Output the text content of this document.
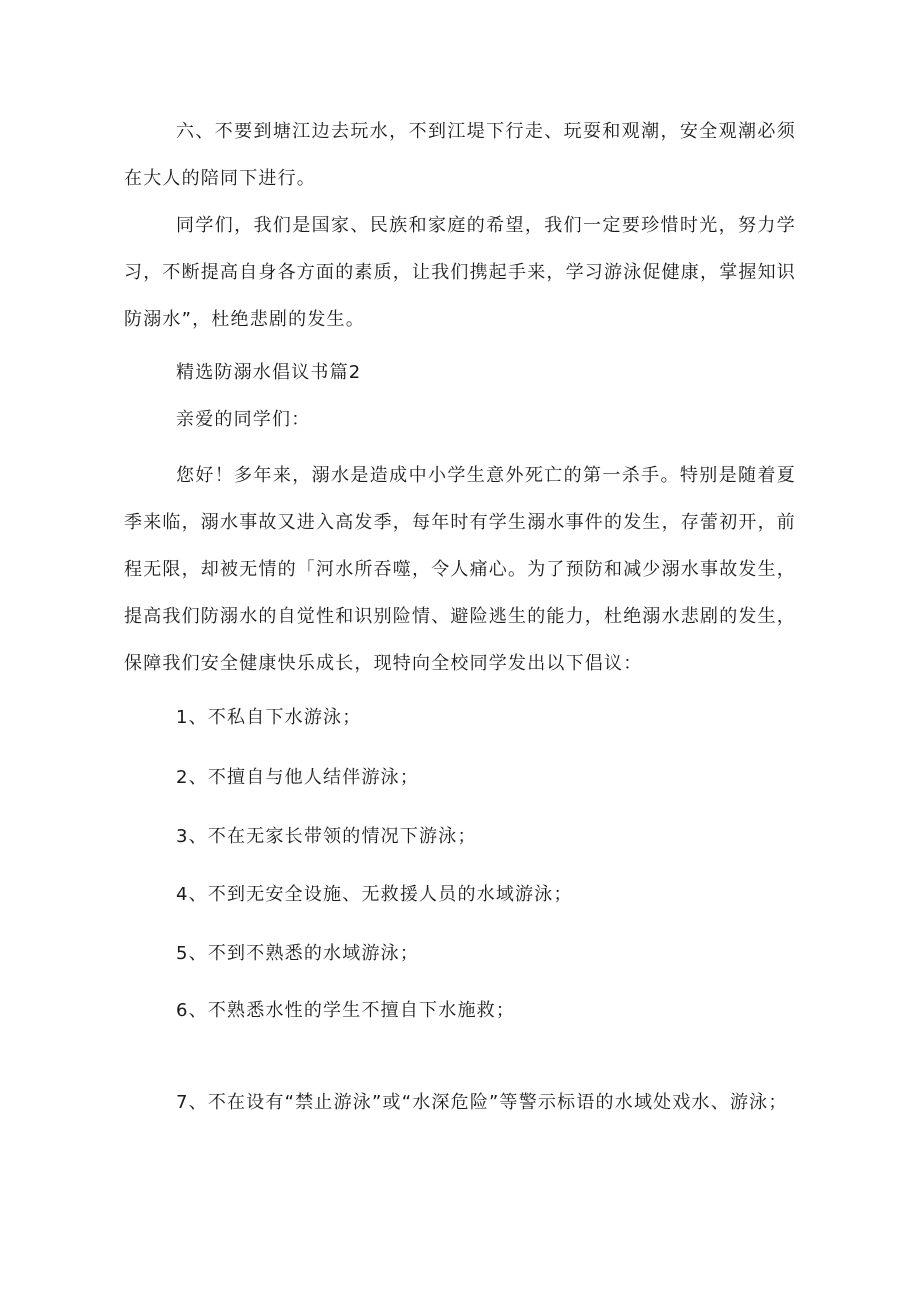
六、不要到塘江边去玩水，不到江堤下行走、玩耍和观潮，安全观潮必须在大人的陪同下进行。

同学们，我们是国家、民族和家庭的希望，我们一定要珍惜时光，努力学习，不断提高自身各方面的素质，让我们携起手来，学习游泳促健康，掌握知识防溺水”，杜绝悲剧的发生。

精选防溺水倡议书篇2

亲爱的同学们：

您好！多年来，溺水是造成中小学生意外死亡的第一杀手。特别是随着夏季来临，溺水事故又进入高发季，每年时有学生溺水事件的发生，存蕾初开，前程无限，却被无情的「河水所吞噬，令人痛心。为了预防和减少溺水事故发生，提高我们防溺水的自觉性和识别险情、避险逃生的能力，杜绝溺水悲剧的发生，保障我们安全健康快乐成长，现特向全校同学发出以下倡议：

1、不私自下水游泳；

2、不擅自与他人结伴游泳；

3、不在无家长带领的情况下游泳；

4、不到无安全设施、无救援人员的水域游泳；

5、不到不熟悉的水域游泳；

6、不熟悉水性的学生不擅自下水施救；

7、不在设有“禁止游泳”或“水深危险”等警示标语的水域处戏水、游泳；
